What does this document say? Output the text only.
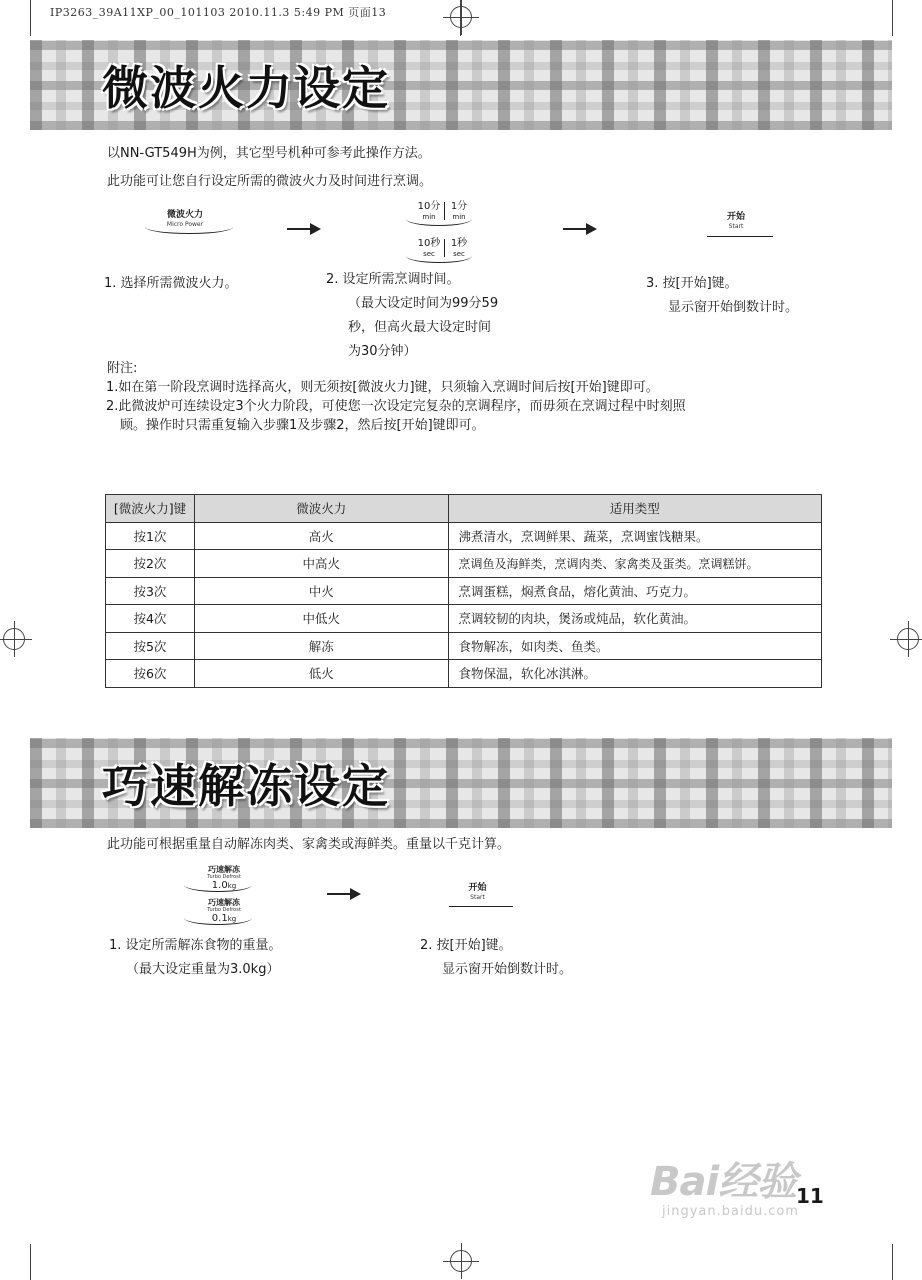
IP3263_39A11XP_00_101103 2010.11.3 5:49 PM 页面13
微波火力设定
以NN-GT549H为例，其它型号机种可参考此操作方法。
此功能可让您自行设定所需的微波火力及时间进行烹调。
微波火力
Micro Power
10分
min
1分
min
10秒
sec
1秒
sec
开始
Start
1. 选择所需微波火力。	2. 设定所需烹调时间。
（最大设定时间为99分59
秒，但高火最大设定时间
为30分钟）
3. 按[开始]键。
显示窗开始倒数计时。
附注:
1.如在第一阶段烹调时选择高火，则无须按[微波火力]键，只须输入烹调时间后按[开始]键即可。
2.此微波炉可连续设定3个火力阶段，可使您一次设定完复杂的烹调程序，而毋须在烹调过程中时刻照
顾。操作时只需重复输入步骤1及步骤2，然后按[开始]键即可。
[微波火力]键	微波火力	适用类型
按1次	高火	沸煮清水，烹调鲜果、蔬菜，烹调蜜饯糖果。
按2次	中高火	烹调鱼及海鲜类，烹调肉类、家禽类及蛋类。烹调糕饼。
按3次	中火	烹调蛋糕，焖煮食品，熔化黄油、巧克力。
按4次	中低火	烹调较韧的肉块，煲汤或炖品，软化黄油。
按5次	解冻	食物解冻，如肉类、鱼类。
按6次	低火	食物保温，软化冰淇淋。
巧速解冻设定
此功能可根据重量自动解冻肉类、家禽类或海鲜类。重量以千克计算。
巧速解冻
Turbo Defrost
1.0kg
巧速解冻
Turbo Defrost
0.1kg
开始
Start
1. 设定所需解冻食物的重量。
（最大设定重量为3.0kg）
2. 按[开始]键。
显示窗开始倒数计时。
Bai经验
jingyan.baidu.com
11
